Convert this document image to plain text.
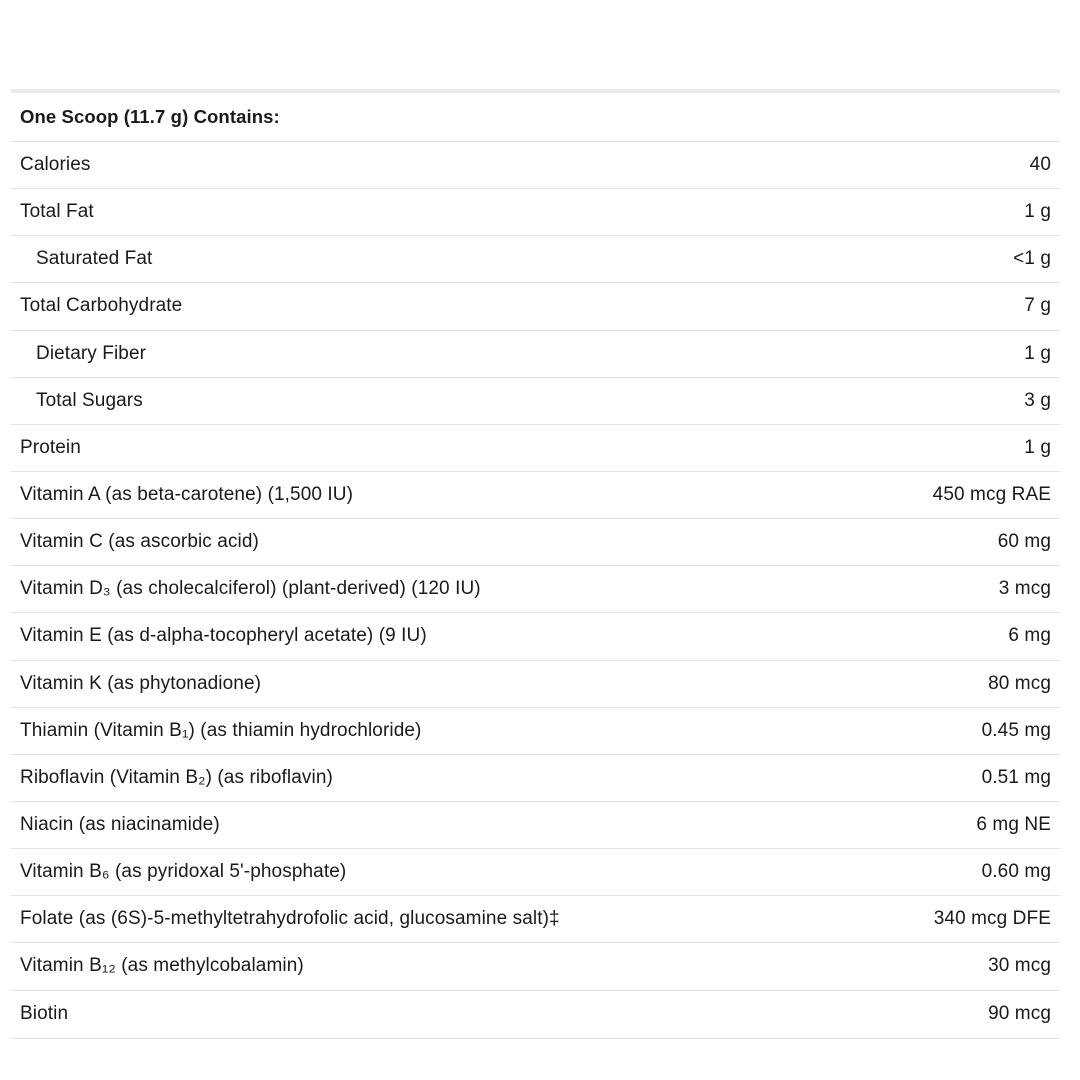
One Scoop (11.7 g) Contains:
Calories	40
Total Fat	1 g
Saturated Fat	<1 g
Total Carbohydrate	7 g
Dietary Fiber	1 g
Total Sugars	3 g
Protein	1 g
Vitamin A (as beta-carotene) (1,500 IU)	450 mcg RAE
Vitamin C (as ascorbic acid)	60 mg
Vitamin D₃ (as cholecalciferol) (plant-derived) (120 IU)	3 mcg
Vitamin E (as d-alpha-tocopheryl acetate) (9 IU)	6 mg
Vitamin K (as phytonadione)	80 mcg
Thiamin (Vitamin B₁) (as thiamin hydrochloride)	0.45 mg
Riboflavin (Vitamin B₂) (as riboflavin)	0.51 mg
Niacin (as niacinamide)	6 mg NE
Vitamin B₆ (as pyridoxal 5'-phosphate)	0.60 mg
Folate (as (6S)-5-methyltetrahydrofolic acid, glucosamine salt)‡	340 mcg DFE
Vitamin B₁₂ (as methylcobalamin)	30 mcg
Biotin	90 mcg
